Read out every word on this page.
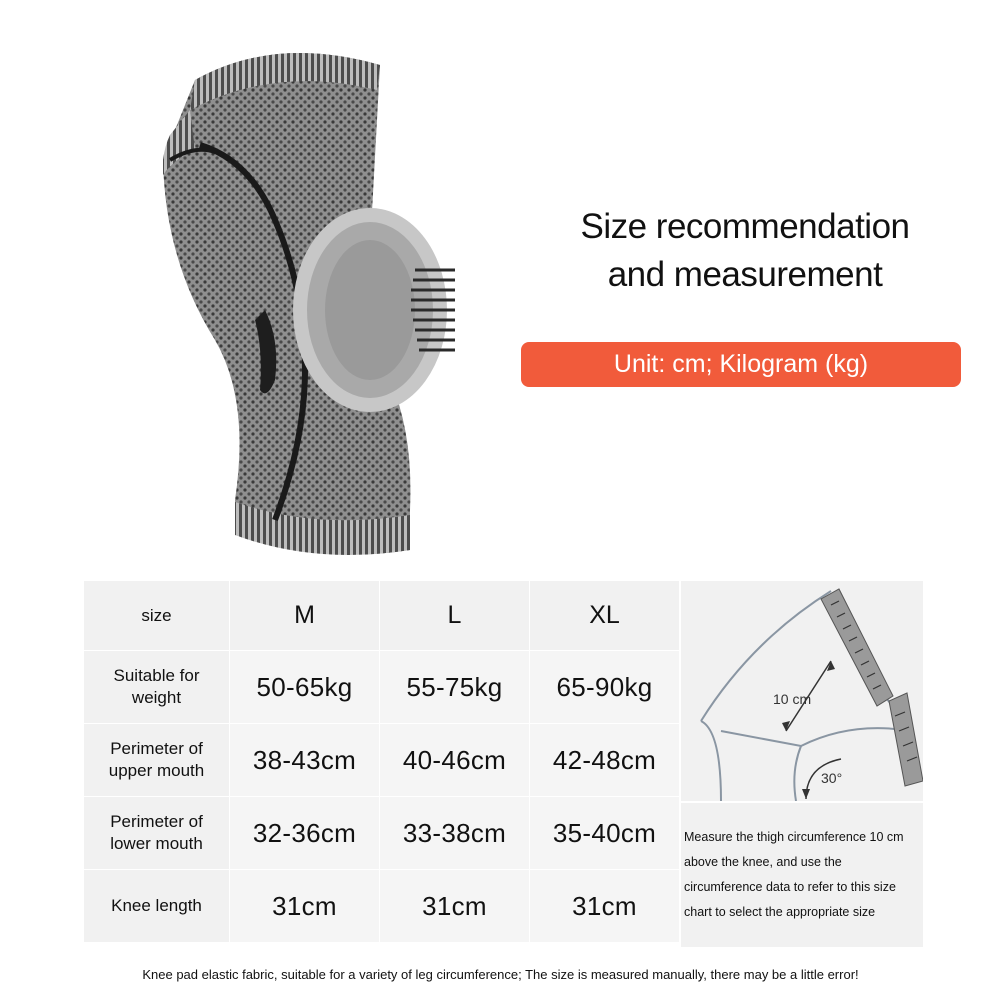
Size recommendation
and measurement
Unit: cm; Kilogram (kg)
size	M	L	XL
Suitable for
weight	50-65kg	55-75kg	65-90kg
Perimeter of
upper mouth	38-43cm	40-46cm	42-48cm
Perimeter of
lower mouth	32-36cm	33-38cm	35-40cm
Knee length	31cm	31cm	31cm
10 cm
30°
Measure the thigh circumference 10 cm above the knee, and use the circumference data to refer to this size chart to select the appropriate size
Knee pad elastic fabric, suitable for a variety of leg circumference; The size is measured manually, there may be a little error!
